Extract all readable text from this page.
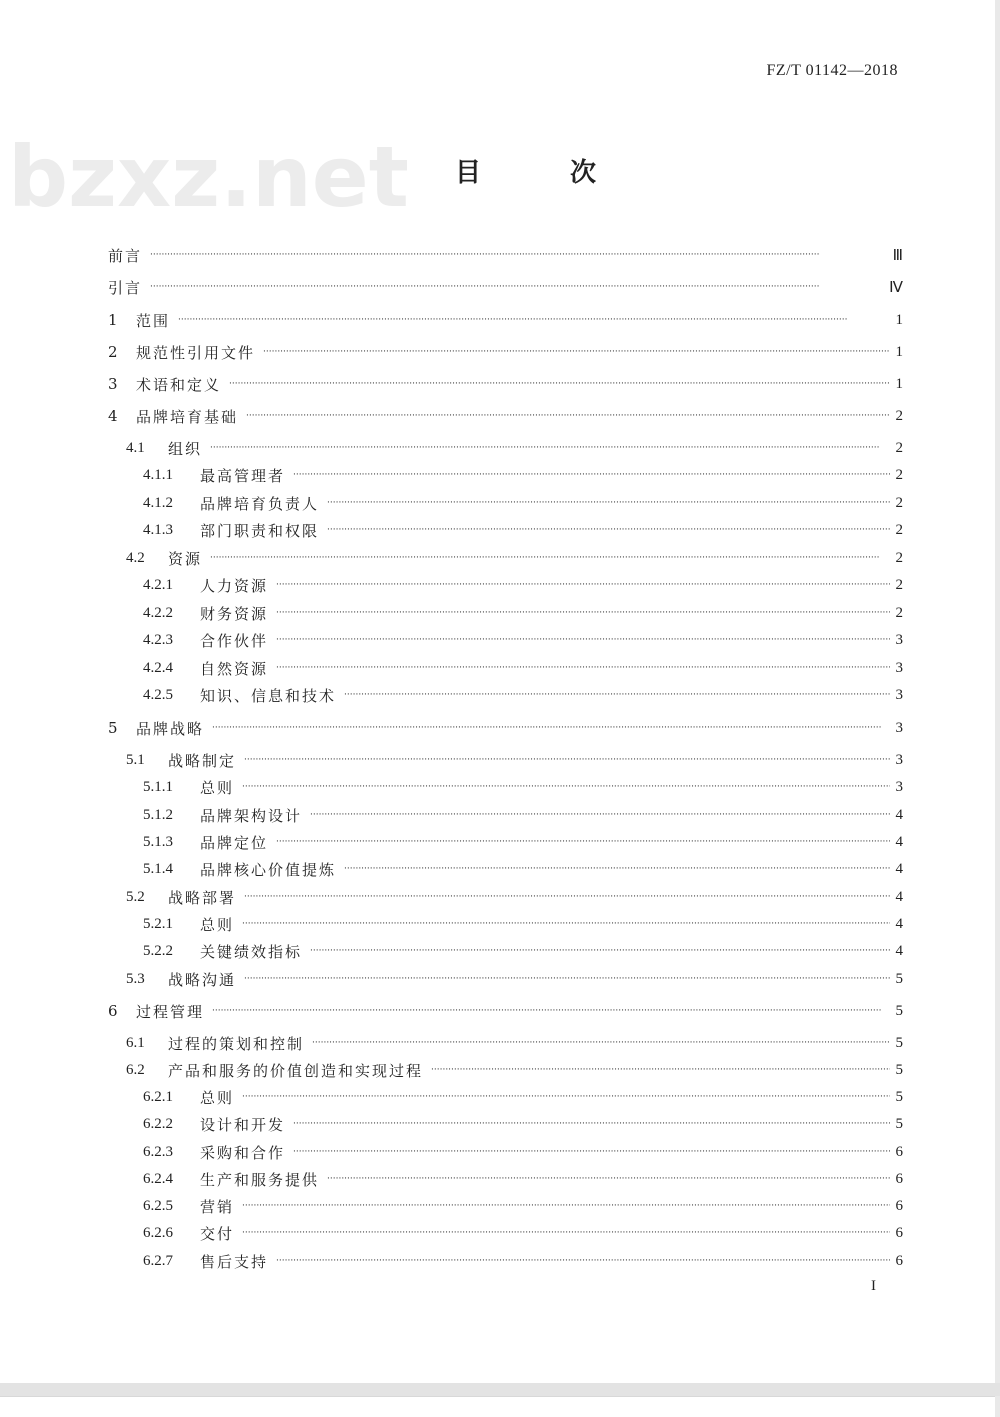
FZ/T 01142—2018
bzxz.net 目 次
前言 ·····	Ⅲ
引言 ·····	Ⅳ
1	范围 ·····	1
2	规范性引用文件 ·····	1
3	术语和定义 ·····	1
4	品牌培育基础 ·····	2
4.1	组织 ·····	2
4.1.1	最高管理者 ·····	2
4.1.2	品牌培育负责人 ·····	2
4.1.3	部门职责和权限 ·····	2
4.2	资源 ·····	2
4.2.1	人力资源 ·····	2
4.2.2	财务资源 ·····	2
4.2.3	合作伙伴 ·····	3
4.2.4	自然资源 ·····	3
4.2.5	知识、信息和技术 ·····	3
5	品牌战略 ·····	3
5.1	战略制定 ·····	3
5.1.1	总则 ·····	3
5.1.2	品牌架构设计 ·····	4
5.1.3	品牌定位 ·····	4
5.1.4	品牌核心价值提炼 ·····	4
5.2	战略部署 ·····	4
5.2.1	总则 ·····	4
5.2.2	关键绩效指标 ·····	4
5.3	战略沟通 ·····	5
6	过程管理 ·····	5
6.1	过程的策划和控制 ·····	5
6.2	产品和服务的价值创造和实现过程 ·····	5
6.2.1	总则 ·····	5
6.2.2	设计和开发 ·····	5
6.2.3	采购和合作 ·····	6
6.2.4	生产和服务提供 ·····	6
6.2.5	营销 ·····	6
6.2.6	交付 ·····	6
6.2.7	售后支持 ·····	6
I
